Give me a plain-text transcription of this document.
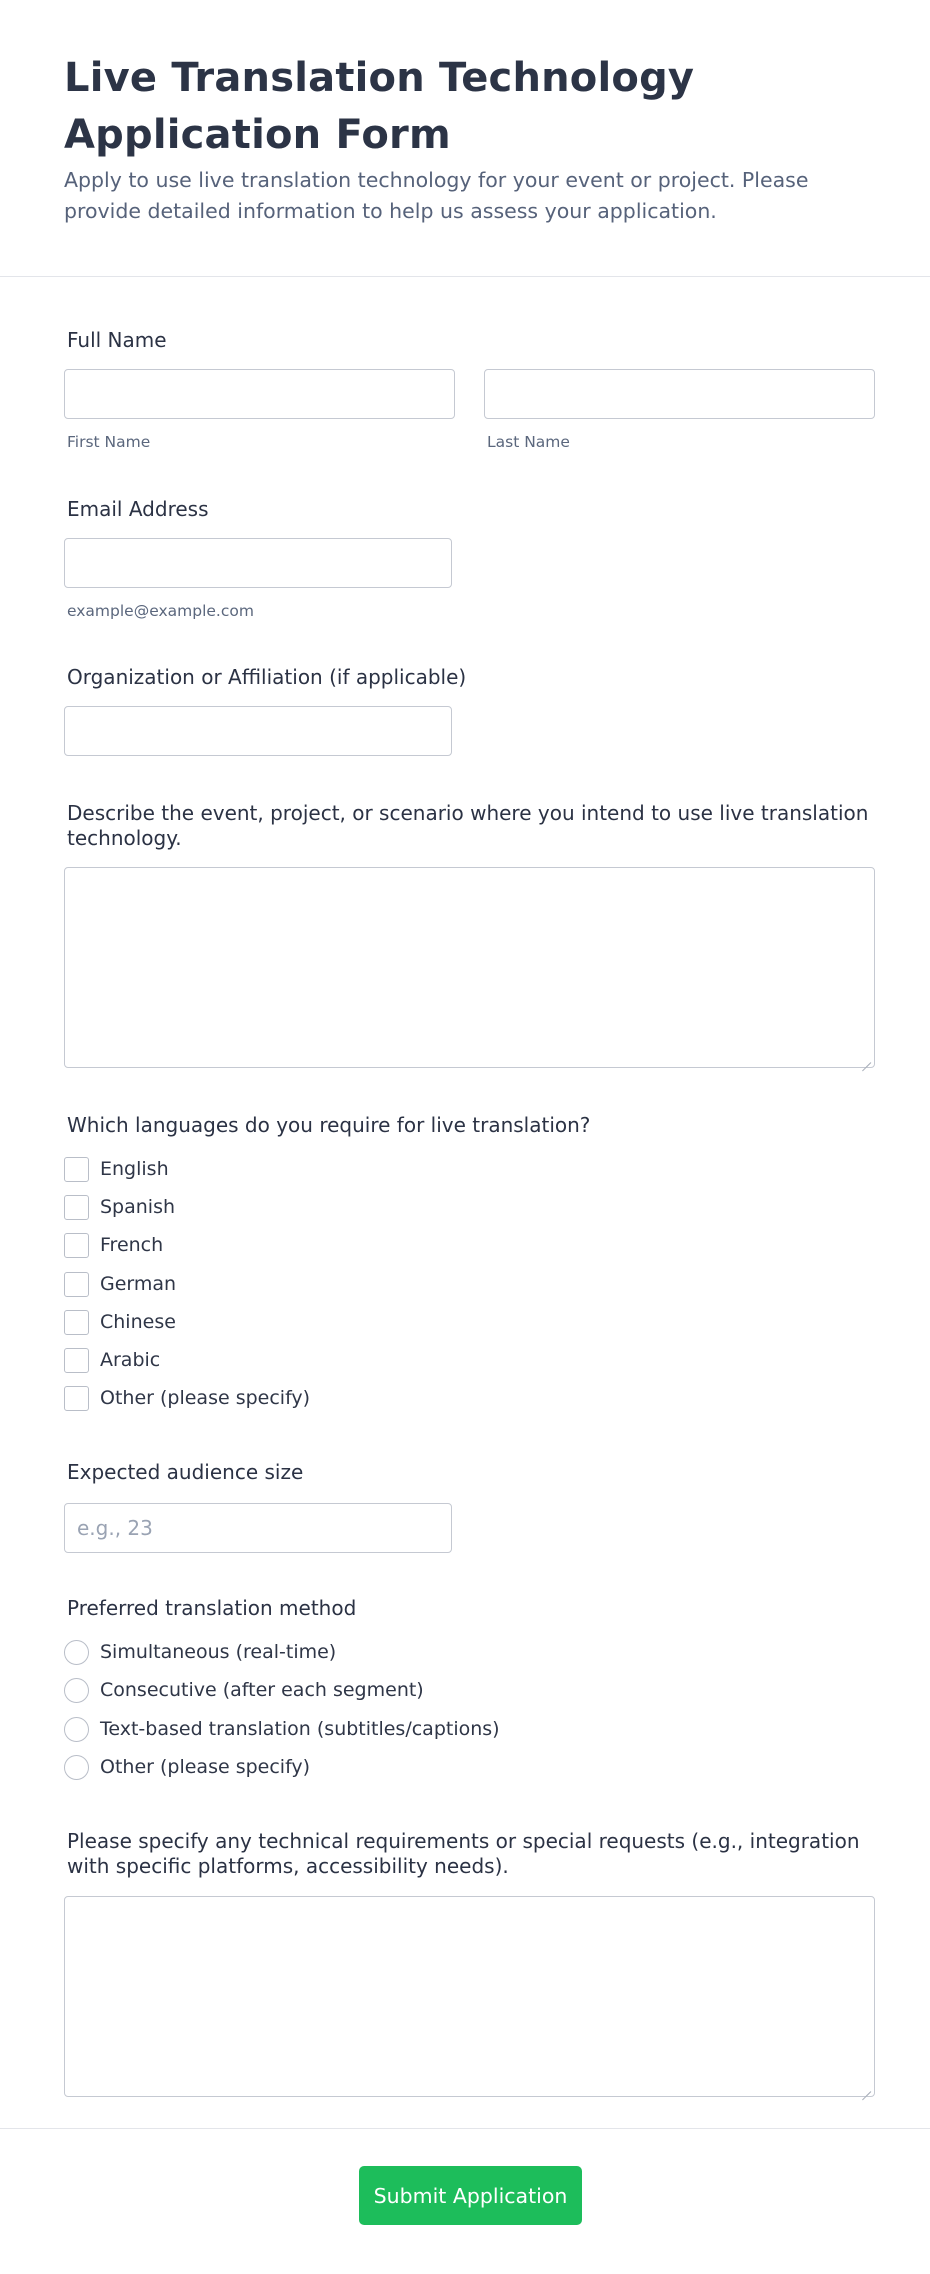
Live Translation Technology Application Form

Apply to use live translation technology for your event or project. Please provide detailed information to help us assess your application.

Full Name
First Name	Last Name
Email Address
example@example.com
Organization or Affiliation (if applicable)
Describe the event, project, or scenario where you intend to use live translation technology.
Which languages do you require for live translation?
English
Spanish
French
German
Chinese
Arabic
Other (please specify)
Expected audience size
e.g., 23
Preferred translation method
Simultaneous (real-time)
Consecutive (after each segment)
Text-based translation (subtitles/captions)
Other (please specify)
Please specify any technical requirements or special requests (e.g., integration with specific platforms, accessibility needs).
Submit Application
